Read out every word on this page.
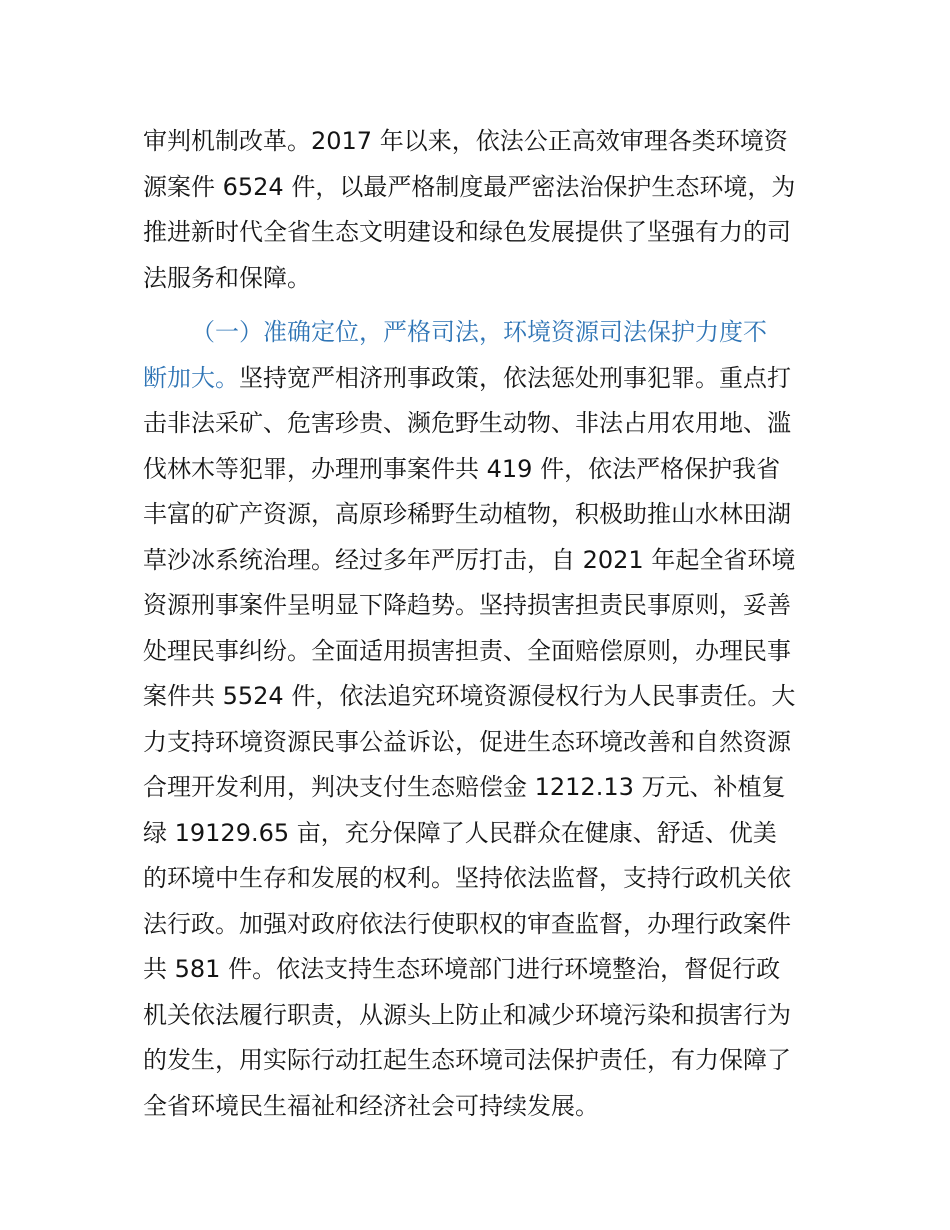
审判机制改革。2017 年以来，依法公正高效审理各类环境资

源案件 6524 件，以最严格制度最严密法治保护生态环境，为

推进新时代全省生态文明建设和绿色发展提供了坚强有力的司

法服务和保障。

（一）准确定位，严格司法，环境资源司法保护力度不

断加大。坚持宽严相济刑事政策，依法惩处刑事犯罪。重点打

击非法采矿、危害珍贵、濒危野生动物、非法占用农用地、滥

伐林木等犯罪，办理刑事案件共 419 件，依法严格保护我省

丰富的矿产资源，高原珍稀野生动植物，积极助推山水林田湖

草沙冰系统治理。经过多年严厉打击，自 2021 年起全省环境

资源刑事案件呈明显下降趋势。坚持损害担责民事原则，妥善

处理民事纠纷。全面适用损害担责、全面赔偿原则，办理民事

案件共 5524 件，依法追究环境资源侵权行为人民事责任。大

力支持环境资源民事公益诉讼，促进生态环境改善和自然资源

合理开发利用，判决支付生态赔偿金 1212.13 万元、补植复

绿 19129.65 亩，充分保障了人民群众在健康、舒适、优美

的环境中生存和发展的权利。坚持依法监督，支持行政机关依

法行政。加强对政府依法行使职权的审查监督，办理行政案件

共 581 件。依法支持生态环境部门进行环境整治，督促行政

机关依法履行职责，从源头上防止和减少环境污染和损害行为

的发生，用实际行动扛起生态环境司法保护责任，有力保障了

全省环境民生福祉和经济社会可持续发展。
